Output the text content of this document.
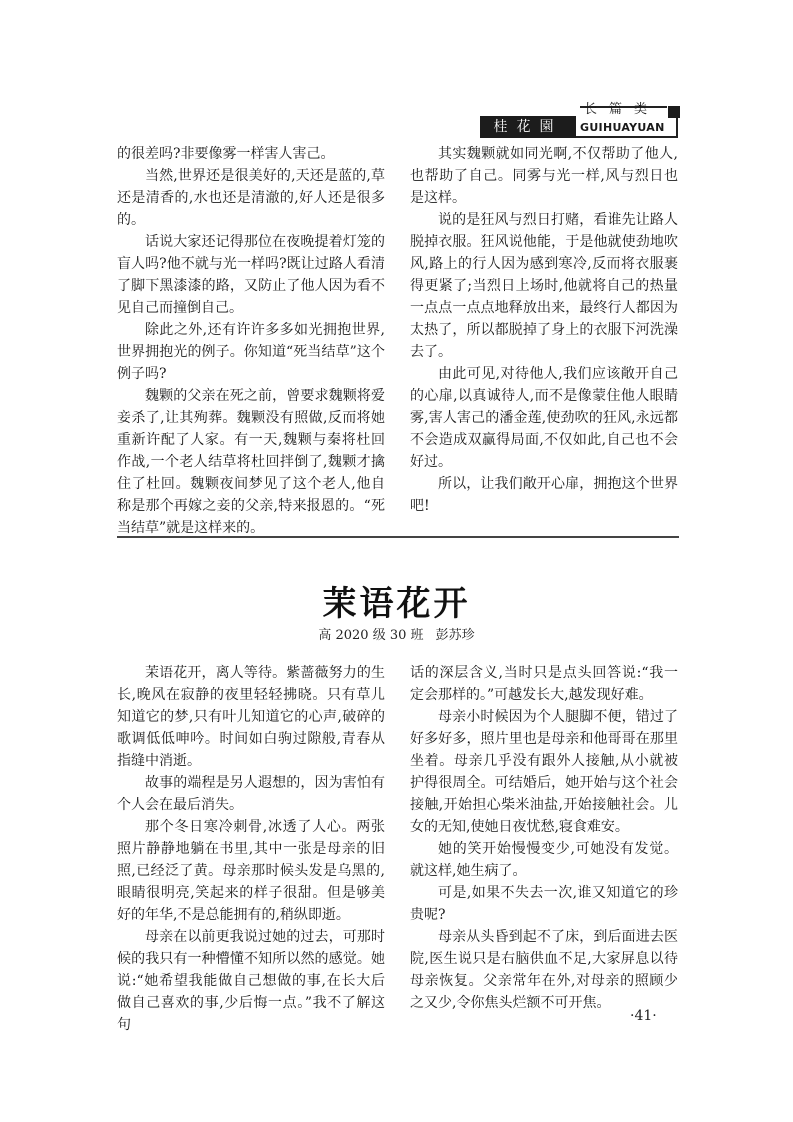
桂花園
长篇类
GUIHUAYUAN

的很差吗?非要像雾一样害人害己。

当然,世界还是很美好的,天还是蓝的,草还是清香的,水也还是清澈的,好人还是很多的。

话说大家还记得那位在夜晚提着灯笼的盲人吗?他不就与光一样吗?既让过路人看清了脚下黑漆漆的路，又防止了他人因为看不见自己而撞倒自己。

除此之外,还有许许多多如光拥抱世界,世界拥抱光的例子。你知道“死当结草”这个例子吗?

魏颗的父亲在死之前，曾要求魏颗将爱妾杀了,让其殉葬。魏颗没有照做,反而将她重新许配了人家。有一天,魏颗与秦将杜回作战,一个老人结草将杜回拌倒了,魏颗才擒住了杜回。魏颗夜间梦见了这个老人,他自称是那个再嫁之妾的父亲,特来报恩的。“死当结草”就是这样来的。

其实魏颗就如同光啊,不仅帮助了他人,也帮助了自己。同雾与光一样,风与烈日也是这样。

说的是狂风与烈日打赌，看谁先让路人脱掉衣服。狂风说他能，于是他就使劲地吹风,路上的行人因为感到寒冷,反而将衣服裹得更紧了;当烈日上场时,他就将自己的热量一点点一点点地释放出来，最终行人都因为太热了，所以都脱掉了身上的衣服下河洗澡去了。

由此可见,对待他人,我们应该敞开自己的心扉,以真诚待人,而不是像蒙住他人眼睛雾,害人害己的潘金莲,使劲吹的狂风,永远都不会造成双赢得局面,不仅如此,自己也不会好过。

所以，让我们敞开心扉，拥抱这个世界吧!

茉语花开
高 2020 级 30 班 彭苏珍

茉语花开，离人等待。紫蔷薇努力的生长,晚风在寂静的夜里轻轻拂晓。只有草儿知道它的梦,只有叶儿知道它的心声,破碎的歌调低低呻吟。时间如白驹过隙般,青春从指缝中消逝。

故事的端程是另人遐想的，因为害怕有个人会在最后消失。

那个冬日寒冷刺骨,冰透了人心。两张照片静静地躺在书里,其中一张是母亲的旧照,已经泛了黄。母亲那时候头发是乌黑的,眼睛很明亮,笑起来的样子很甜。但是够美好的年华,不是总能拥有的,稍纵即逝。

母亲在以前更我说过她的过去，可那时候的我只有一种懵懂不知所以然的感觉。她说:“她希望我能做自己想做的事,在长大后做自己喜欢的事,少后悔一点。”我不了解这句

话的深层含义,当时只是点头回答说:“我一定会那样的。”可越发长大,越发现好难。

母亲小时候因为个人腿脚不便，错过了好多好多，照片里也是母亲和他哥哥在那里坐着。母亲几乎没有跟外人接触,从小就被护得很周全。可结婚后，她开始与这个社会接触,开始担心柴米油盐,开始接触社会。儿女的无知,使她日夜忧愁,寝食难安。

她的笑开始慢慢变少,可她没有发觉。就这样,她生病了。

可是,如果不失去一次,谁又知道它的珍贵呢?

母亲从头昏到起不了床，到后面进去医院,医生说只是右脑供血不足,大家屏息以待母亲恢复。父亲常年在外,对母亲的照顾少之又少,令你焦头烂额不可开焦。

·41·
